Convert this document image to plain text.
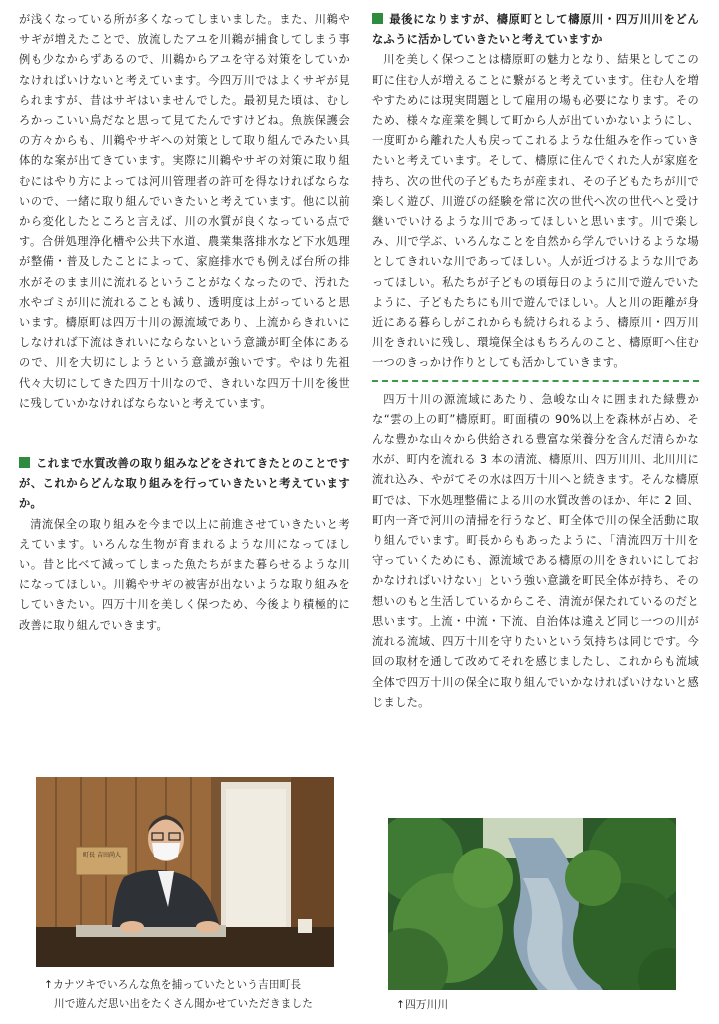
が浅くなっている所が多くなってしまいました。また、川鵜やサギが増えたことで、放流したアユを川鵜が捕食してしまう事例も少なからずあるので、川鵜からアユを守る対策をしていかなければいけないと考えています。今四万川ではよくサギが見られますが、昔はサギはいませんでした。最初見た頃は、むしろかっこいい鳥だなと思って見てたんですけどね。魚族保護会の方々からも、川鵜やサギへの対策として取り組んでみたい具体的な案が出てきています。実際に川鵜やサギの対策に取り組むにはやり方によっては河川管理者の許可を得なければならないので、一緒に取り組んでいきたいと考えています。他に以前から変化したところと言えば、川の水質が良くなっている点です。合併処理浄化槽や公共下水道、農業集落排水など下水処理が整備・普及したことによって、家庭排水でも例えば台所の排水がそのまま川に流れるということがなくなったので、汚れた水やゴミが川に流れることも減り、透明度は上がっていると思います。檮原町は四万十川の源流域であり、上流からきれいにしなければ下流はきれいにならないという意識が町全体にあるので、川を大切にしようという意識が強いです。やはり先祖代々大切にしてきた四万十川なので、きれいな四万十川を後世に残していかなければならないと考えています。

これまで水質改善の取り組みなどをされてきたとのことですが、これからどんな取り組みを行っていきたいと考えていますか。

清流保全の取り組みを今まで以上に前進させていきたいと考えています。いろんな生物が育まれるような川になってほしい。昔と比べて減ってしまった魚たちがまた暮らせるような川になってほしい。川鵜やサギの被害が出ないような取り組みをしていきたい。四万十川を美しく保つため、今後より積極的に改善に取り組んでいきます。

最後になりますが、檮原町として檮原川・四万川川をどんなふうに活かしていきたいと考えていますか

川を美しく保つことは檮原町の魅力となり、結果としてこの町に住む人が増えることに繋がると考えています。住む人を増やすためには現実問題として雇用の場も必要になります。そのため、様々な産業を興して町から人が出ていかないようにし、一度町から離れた人も戻ってこれるような仕組みを作っていきたいと考えています。そして、檮原に住んでくれた人が家庭を持ち、次の世代の子どもたちが産まれ、その子どもたちが川で楽しく遊び、川遊びの経験を常に次の世代へ次の世代へと受け継いでいけるような川であってほしいと思います。川で楽しみ、川で学ぶ、いろんなことを自然から学んでいけるような場としてきれいな川であってほしい。人が近づけるような川であってほしい。私たちが子どもの頃毎日のように川で遊んでいたように、子どもたちにも川で遊んでほしい。人と川の距離が身近にある暮らしがこれからも続けられるよう、檮原川・四万川川をきれいに残し、環境保全はもちろんのこと、檮原町へ住む一つのきっかけ作りとしても活かしていきます。

四万十川の源流域にあたり、急峻な山々に囲まれた緑豊かな“雲の上の町”檮原町。町面積の 90%以上を森林が占め、そんな豊かな山々から供給される豊富な栄養分を含んだ清らかな水が、町内を流れる 3 本の清流、檮原川、四万川川、北川川に流れ込み、やがてその水は四万十川へと続きます。そんな檮原町では、下水処理整備による川の水質改善のほか、年に 2 回、町内一斉で河川の清掃を行うなど、町全体で川の保全活動に取り組んでいます。町長からもあったように、「清流四万十川を守っていくためにも、源流域である檮原の川をきれいにしておかなければいけない」という強い意識を町民全体が持ち、その想いのもと生活しているからこそ、清流が保たれているのだと思います。上流・中流・下流、自治体は違えど同じ一つの川が流れる流域、四万十川を守りたいという気持ちは同じです。今回の取材を通して改めてそれを感じましたし、これからも流域全体で四万十川の保全に取り組んでいかなければいけないと感じました。

町長 吉田尚人
↑カナツキでいろんな魚を捕っていたという吉田町長
川で遊んだ思い出をたくさん聞かせていただきました	↑四万川川
